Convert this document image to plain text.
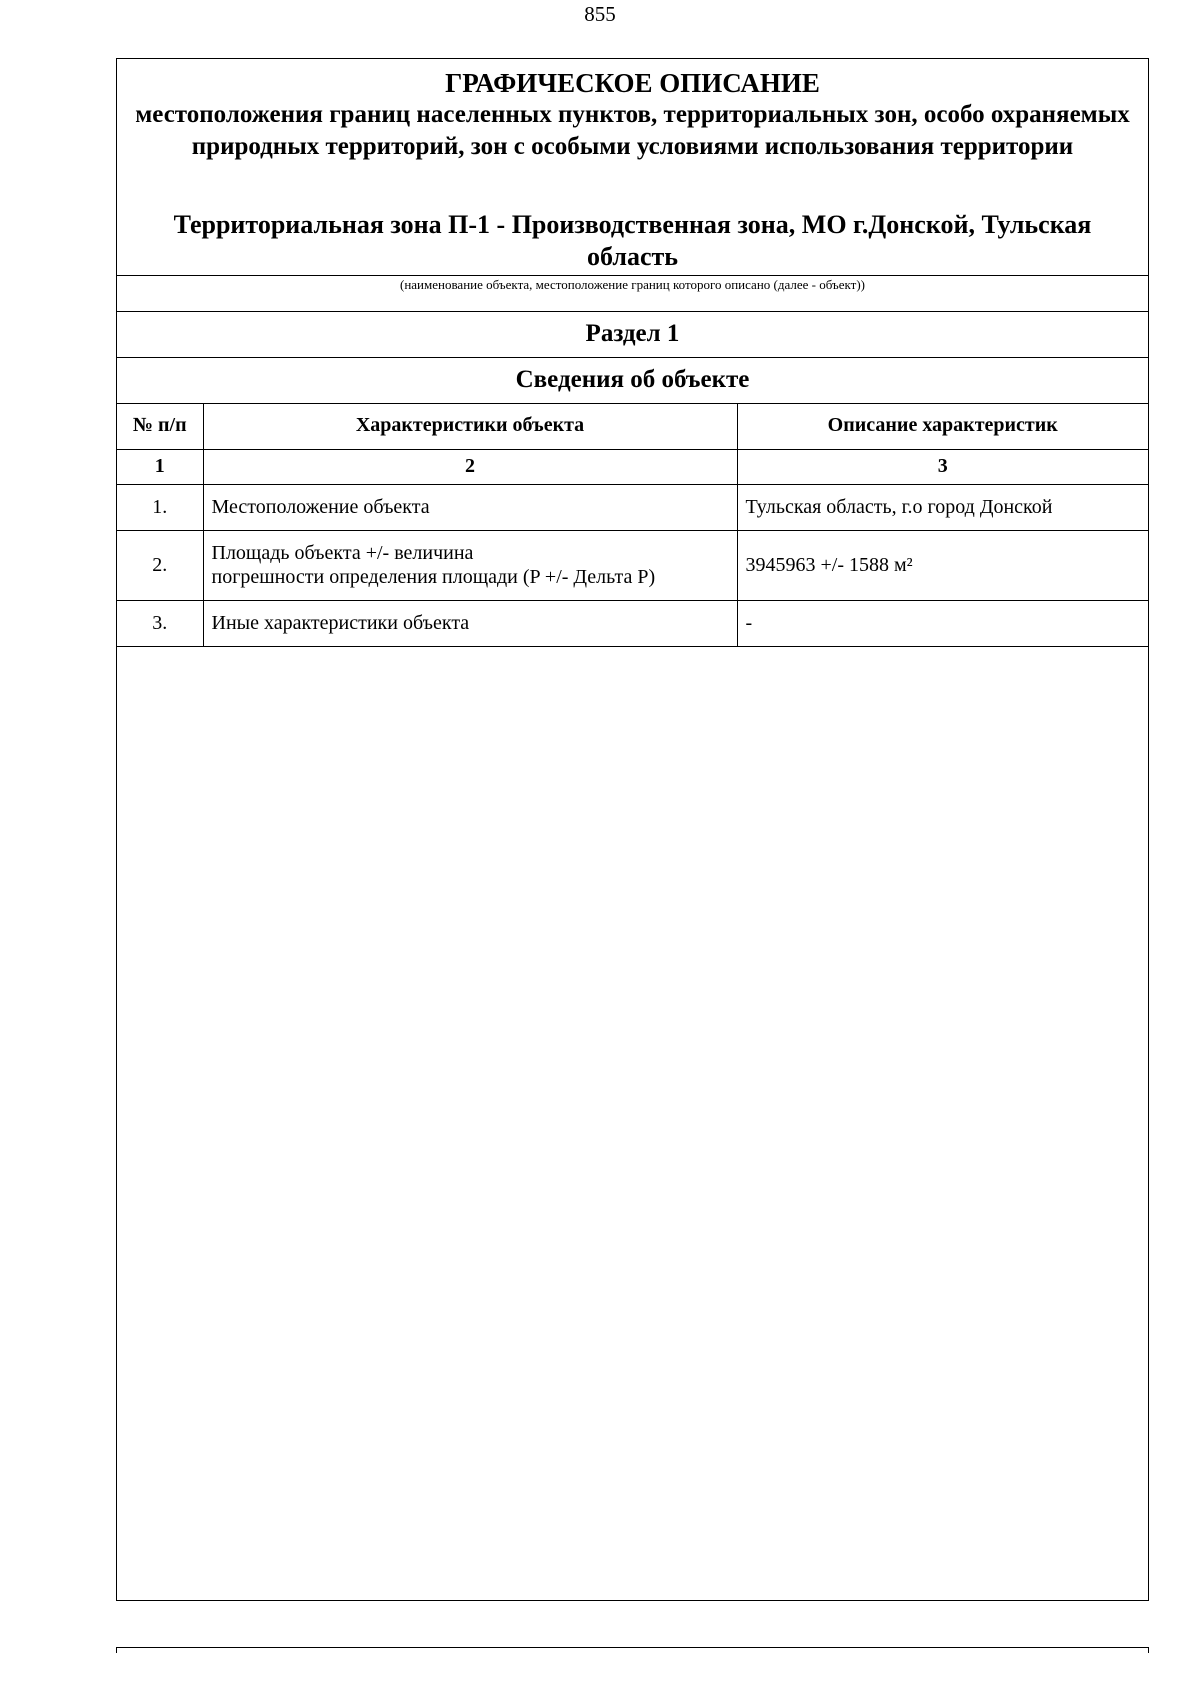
855
ГРАФИЧЕСКОЕ ОПИСАНИЕ
местоположения границ населенных пунктов, территориальных зон, особо охраняемых природных территорий, зон с особыми условиями использования территории
Территориальная зона П-1 - Производственная зона, МО г.Донской, Тульская область
(наименование объекта, местоположение границ которого описано (далее - объект))
Раздел 1
Сведения об объекте
№ п/п	Характеристики объекта	Описание характеристик
1	2	3
1.	Местоположение объекта	Тульская область, г.о город Донской
2.	Площадь объекта +/- величина
погрешности определения площади (P +/- Дельта P)	3945963 +/- 1588 м²
3.	Иные характеристики объекта	-
